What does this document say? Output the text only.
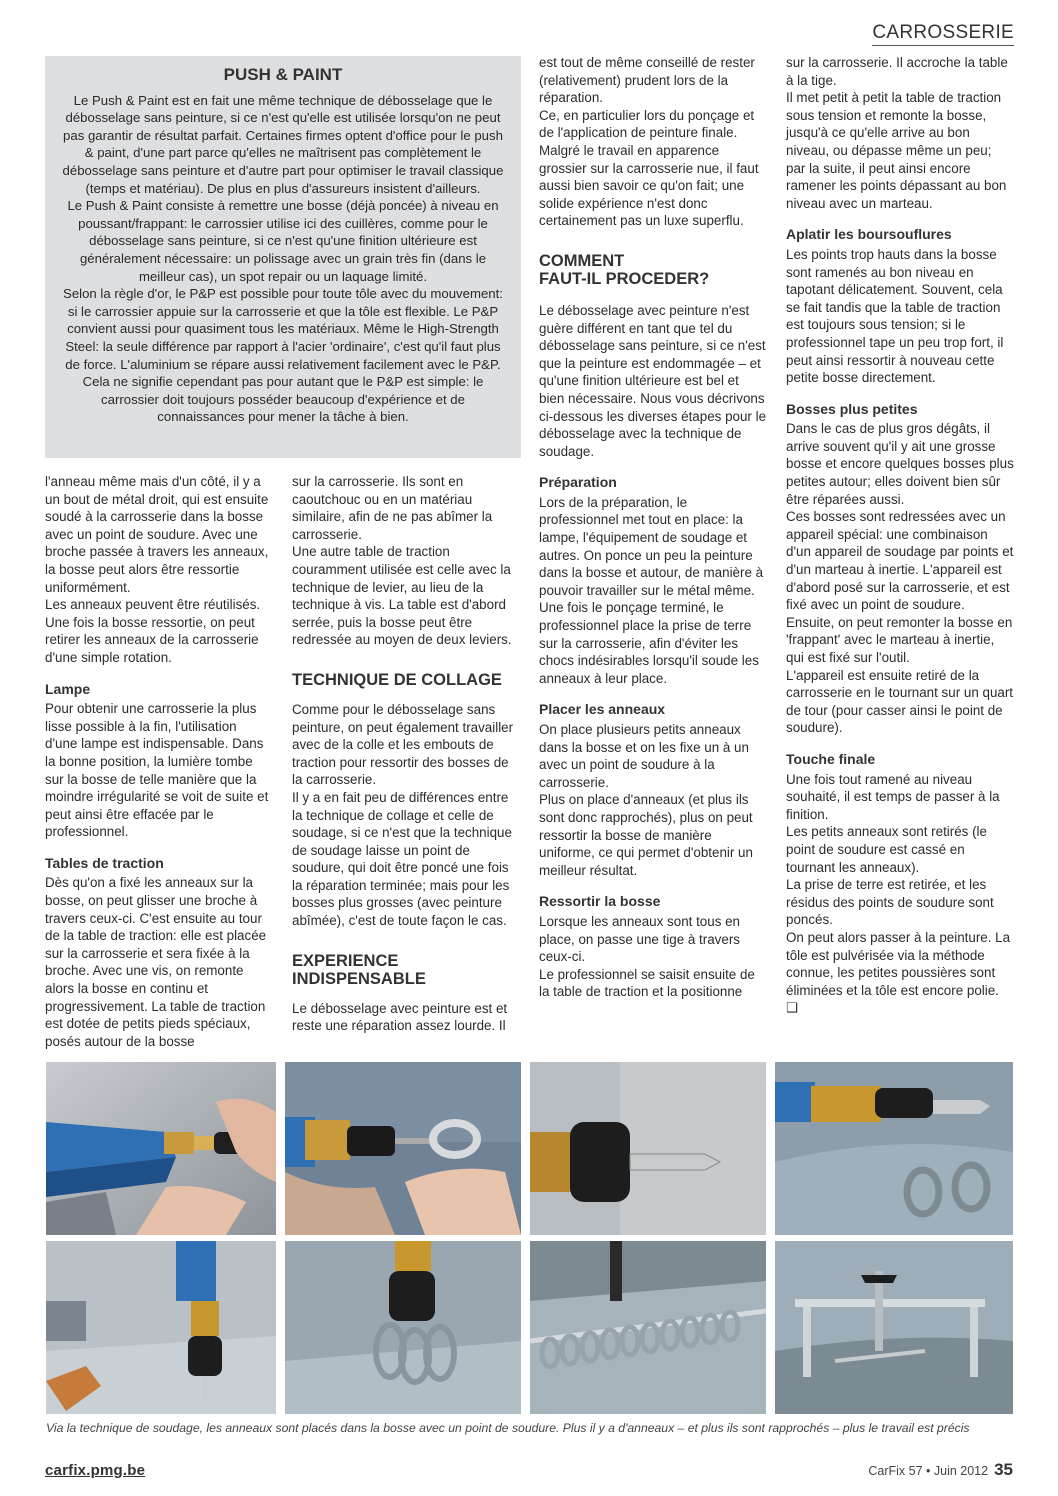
CARROSSERIE
PUSH & PAINT

Le Push & Paint est en fait une même technique de débosselage que le débosselage sans peinture, si ce n'est qu'elle est utilisée lorsqu'on ne peut pas garantir de résultat parfait. Certaines firmes optent d'office pour le push & paint, d'une part parce qu'elles ne maîtrisent pas complètement le débosselage sans peinture et d'autre part pour optimiser le travail classique (temps et matériau). De plus en plus d'assureurs insistent d'ailleurs.

Le Push & Paint consiste à remettre une bosse (déjà poncée) à niveau en poussant/frappant: le carrossier utilise ici des cuillères, comme pour le débosselage sans peinture, si ce n'est qu'une finition ultérieure est généralement nécessaire: un polissage avec un grain très fin (dans le meilleur cas), un spot repair ou un laquage limité.

Selon la règle d'or, le P&P est possible pour toute tôle avec du mouvement: si le carrossier appuie sur la carrosserie et que la tôle est flexible. Le P&P convient aussi pour quasiment tous les matériaux. Même le High-Strength Steel: la seule différence par rapport à l'acier 'ordinaire', c'est qu'il faut plus de force. L'aluminium se répare aussi relativement facilement avec le P&P.

Cela ne signifie cependant pas pour autant que le P&P est simple: le carrossier doit toujours posséder beaucoup d'expérience et de connaissances pour mener la tâche à bien.

l'anneau même mais d'un côté, il y a un bout de métal droit, qui est ensuite soudé à la carrosserie dans la bosse avec un point de soudure. Avec une broche passée à travers les anneaux, la bosse peut alors être ressortie uniformément.

Les anneaux peuvent être réutilisés. Une fois la bosse ressortie, on peut retirer les anneaux de la carrosserie d'une simple rotation.

Lampe

Pour obtenir une carrosserie la plus lisse possible à la fin, l'utilisation d'une lampe est indispensable. Dans la bonne position, la lumière tombe sur la bosse de telle manière que la moindre irrégularité se voit de suite et peut ainsi être effacée par le professionnel.

Tables de traction

Dès qu'on a fixé les anneaux sur la bosse, on peut glisser une broche à travers ceux-ci. C'est ensuite au tour de la table de traction: elle est placée sur la carrosserie et sera fixée à la broche. Avec une vis, on remonte alors la bosse en continu et progressivement. La table de traction est dotée de petits pieds spéciaux, posés autour de la bosse

sur la carrosserie. Ils sont en caoutchouc ou en un matériau similaire, afin de ne pas abîmer la carrosserie.

Une autre table de traction couramment utilisée est celle avec la technique de levier, au lieu de la technique à vis. La table est d'abord serrée, puis la bosse peut être redressée au moyen de deux leviers.

TECHNIQUE DE COLLAGE

Comme pour le débosselage sans peinture, on peut également travailler avec de la colle et les embouts de traction pour ressortir des bosses de la carrosserie.

Il y a en fait peu de différences entre la technique de collage et celle de soudage, si ce n'est que la technique de soudage laisse un point de soudure, qui doit être poncé une fois la réparation terminée; mais pour les bosses plus grosses (avec peinture abîmée), c'est de toute façon le cas.

EXPERIENCE INDISPENSABLE

Le débosselage avec peinture est et reste une réparation assez lourde. Il

est tout de même conseillé de rester (relativement) prudent lors de la réparation.

Ce, en particulier lors du ponçage et de l'application de peinture finale.

Malgré le travail en apparence grossier sur la carrosserie nue, il faut aussi bien savoir ce qu'on fait; une solide expérience n'est donc certainement pas un luxe superflu.

COMMENT
FAUT-IL PROCEDER?

Le débosselage avec peinture n'est guère différent en tant que tel du débosselage sans peinture, si ce n'est que la peinture est endommagée – et qu'une finition ultérieure est bel et bien nécessaire. Nous vous décrivons ci-dessous les diverses étapes pour le débosselage avec la technique de soudage.

Préparation

Lors de la préparation, le professionnel met tout en place: la lampe, l'équipement de soudage et autres. On ponce un peu la peinture dans la bosse et autour, de manière à pouvoir travailler sur le métal même. Une fois le ponçage terminé, le professionnel place la prise de terre sur la carrosserie, afin d'éviter les chocs indésirables lorsqu'il soude les anneaux à leur place.

Placer les anneaux

On place plusieurs petits anneaux dans la bosse et on les fixe un à un avec un point de soudure à la carrosserie.

Plus on place d'anneaux (et plus ils sont donc rapprochés), plus on peut ressortir la bosse de manière uniforme, ce qui permet d'obtenir un meilleur résultat.

Ressortir la bosse

Lorsque les anneaux sont tous en place, on passe une tige à travers ceux-ci.

Le professionnel se saisit ensuite de la table de traction et la positionne

sur la carrosserie. Il accroche la table à la tige.

Il met petit à petit la table de traction sous tension et remonte la bosse, jusqu'à ce qu'elle arrive au bon niveau, ou dépasse même un peu; par la suite, il peut ainsi encore ramener les points dépassant au bon niveau avec un marteau.

Aplatir les boursouflures

Les points trop hauts dans la bosse sont ramenés au bon niveau en tapotant délicatement. Souvent, cela se fait tandis que la table de traction est toujours sous tension; si le professionnel tape un peu trop fort, il peut ainsi ressortir à nouveau cette petite bosse directement.

Bosses plus petites

Dans le cas de plus gros dégâts, il arrive souvent qu'il y ait une grosse bosse et encore quelques bosses plus petites autour; elles doivent bien sûr être réparées aussi.

Ces bosses sont redressées avec un appareil spécial: une combinaison d'un appareil de soudage par points et d'un marteau à inertie. L'appareil est d'abord posé sur la carrosserie, et est fixé avec un point de soudure. Ensuite, on peut remonter la bosse en 'frappant' avec le marteau à inertie, qui est fixé sur l'outil.

L'appareil est ensuite retiré de la carrosserie en le tournant sur un quart de tour (pour casser ainsi le point de soudure).

Touche finale

Une fois tout ramené au niveau souhaité, il est temps de passer à la finition.

Les petits anneaux sont retirés (le point de soudure est cassé en tournant les anneaux).

La prise de terre est retirée, et les résidus des points de soudure sont poncés.

On peut alors passer à la peinture. La tôle est pulvérisée via la méthode connue, les petites poussières sont éliminées et la tôle est encore polie. ❑

Via la technique de soudage, les anneaux sont placés dans la bosse avec un point de soudure. Plus il y a d'anneaux – et plus ils sont rapprochés – plus le travail est précis
carfix.pmg.be	CarFix 57 • Juin 2012 35
